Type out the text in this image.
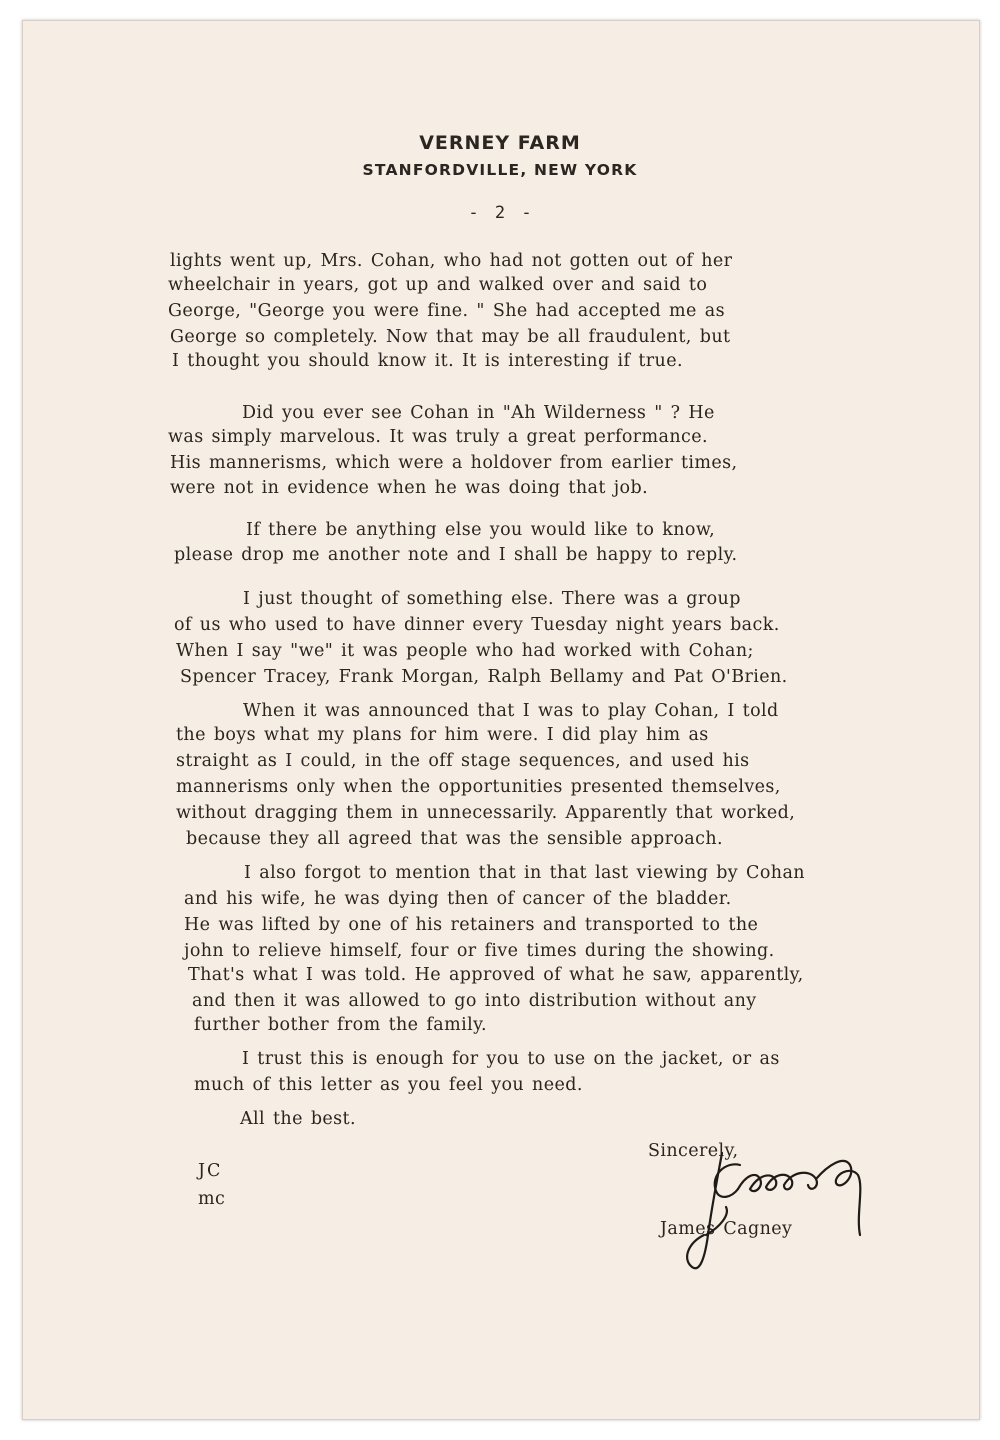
VERNEY FARM
STANFORDVILLE, NEW YORK
- 2 -
lights went up, Mrs. Cohan, who had not gotten out of her
wheelchair in years, got up and walked over and said to
George, "George you were fine. " She had accepted me as
George so completely. Now that may be all fraudulent, but
I thought you should know it. It is interesting if true.
Did you ever see Cohan in "Ah Wilderness " ? He
was simply marvelous. It was truly a great performance.
His mannerisms, which were a holdover from earlier times,
were not in evidence when he was doing that job.
If there be anything else you would like to know,
please drop me another note and I shall be happy to reply.
I just thought of something else. There was a group
of us who used to have dinner every Tuesday night years back.
When I say "we" it was people who had worked with Cohan;
Spencer Tracey, Frank Morgan, Ralph Bellamy and Pat O'Brien.
When it was announced that I was to play Cohan, I told
the boys what my plans for him were. I did play him as
straight as I could, in the off stage sequences, and used his
mannerisms only when the opportunities presented themselves,
without dragging them in unnecessarily. Apparently that worked,
because they all agreed that was the sensible approach.
I also forgot to mention that in that last viewing by Cohan
and his wife, he was dying then of cancer of the bladder.
He was lifted by one of his retainers and transported to the
john to relieve himself, four or five times during the showing.
That's what I was told. He approved of what he saw, apparently,
and then it was allowed to go into distribution without any
further bother from the family.
I trust this is enough for you to use on the jacket, or as
much of this letter as you feel you need.
All the best.
JC
mc
Sincerely,
James Cagney
